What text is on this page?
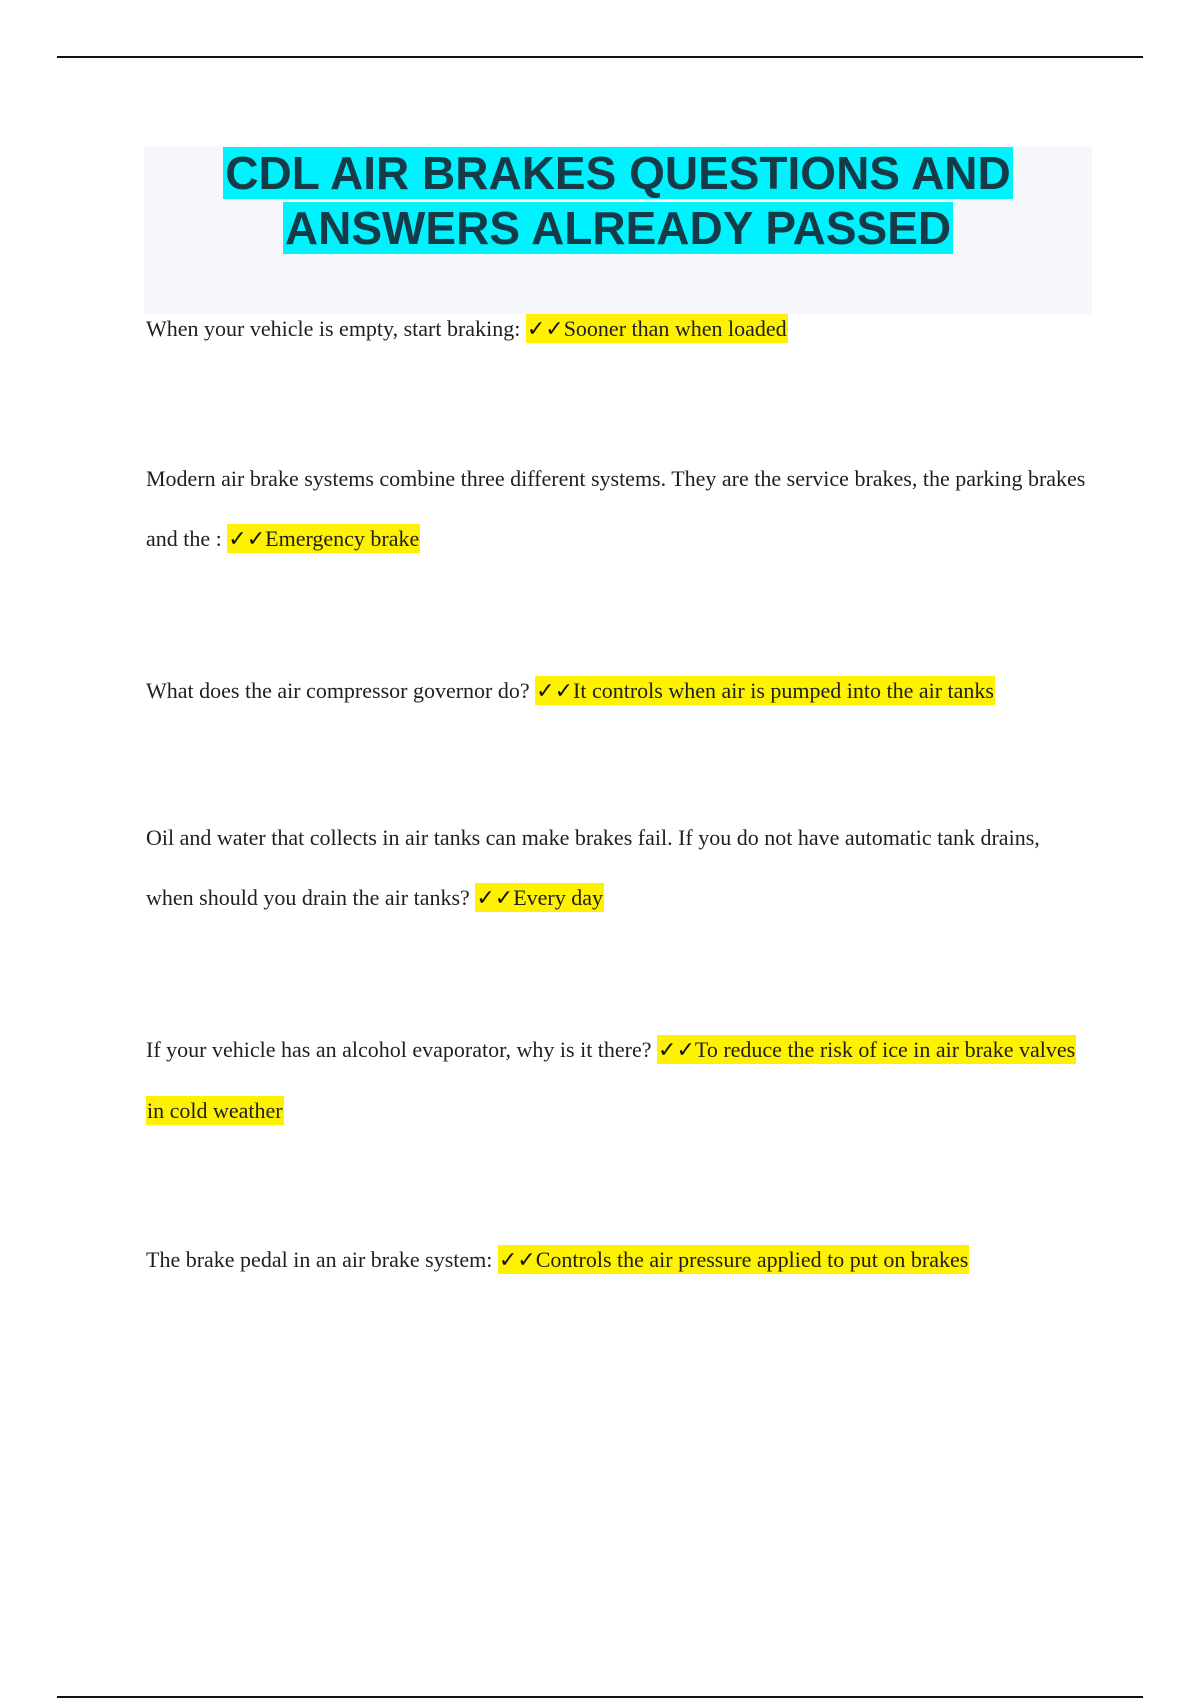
CDL AIR BRAKES QUESTIONS AND ANSWERS ALREADY PASSED
When your vehicle is empty, start braking: ✓✓Sooner than when loaded
Modern air brake systems combine three different systems. They are the service brakes, the parking brakes and the : ✓✓Emergency brake
What does the air compressor governor do? ✓✓It controls when air is pumped into the air tanks
Oil and water that collects in air tanks can make brakes fail. If you do not have automatic tank drains, when should you drain the air tanks? ✓✓Every day
If your vehicle has an alcohol evaporator, why is it there? ✓✓To reduce the risk of ice in air brake valves in cold weather
The brake pedal in an air brake system: ✓✓Controls the air pressure applied to put on brakes
